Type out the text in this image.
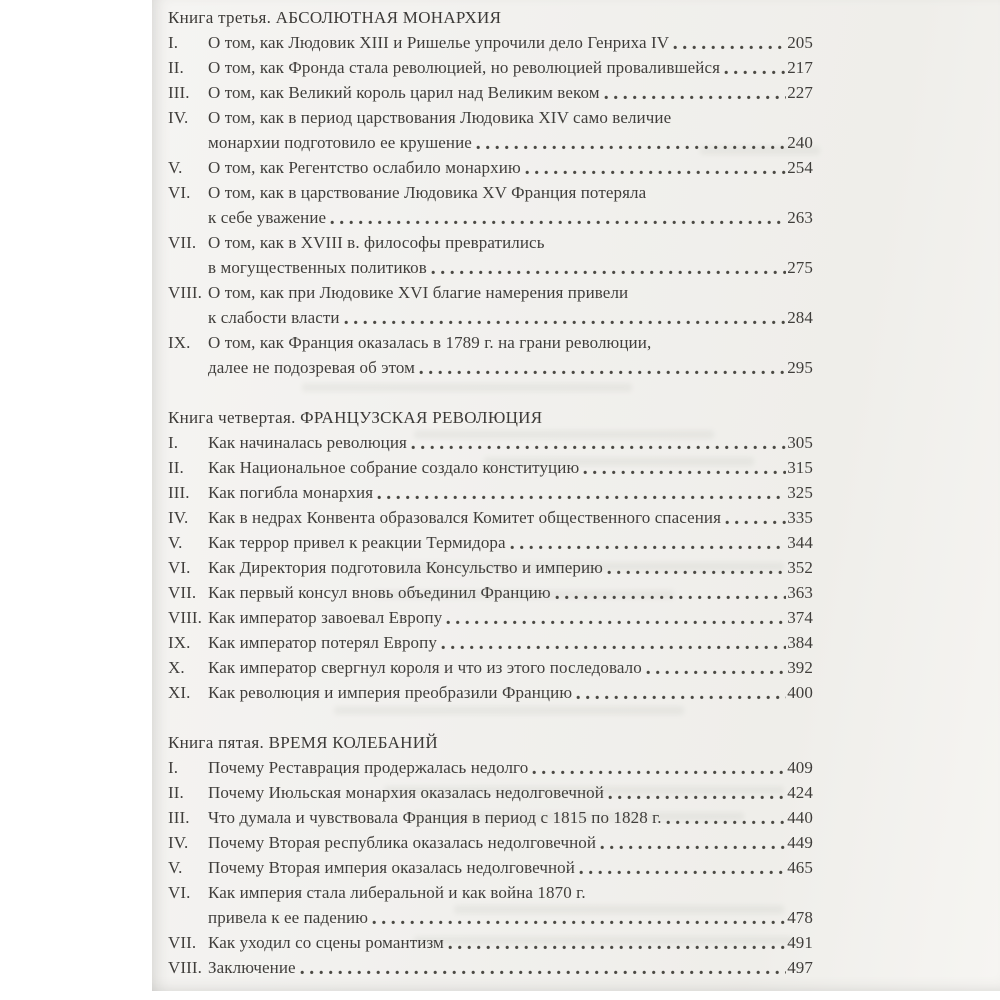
Книга третья. АБСОЛЮТНАЯ МОНАРХИЯ
I.	О том, как Людовик XIII и Ришелье упрочили дело Генриха IV	205
II.	О том, как Фронда стала революцией, но революцией провалившейся	217
III.	О том, как Великий король царил над Великим веком	227
IV.	О том, как в период царствования Людовика XIV само величие
монархии подготовило ее крушение	240
V.	О том, как Регентство ослабило монархию	254
VI.	О том, как в царствование Людовика XV Франция потеряла
к себе уважение	263
VII. О том, как в XVIII в. философы превратились
в могущественных политиков	275
VIII. О том, как при Людовике XVI благие намерения привели
к слабости власти	284
IX.	О том, как Франция оказалась в 1789 г. на грани революции,
далее не подозревая об этом	295
Книга четвертая. ФРАНЦУЗСКАЯ РЕВОЛЮЦИЯ
I.	Как начиналась революция	305
II.	Как Национальное собрание создало конституцию	315
III.	Как погибла монархия	325
IV.	Как в недрах Конвента образовался Комитет общественного спасения	335
V.	Как террор привел к реакции Термидора	344
VI.	Как Директория подготовила Консульство и империю	352
VII. Как первый консул вновь объединил Францию	363
VIII. Как император завоевал Европу	374
IX.	Как император потерял Европу	384
X.	Как император свергнул короля и что из этого последовало	392
XI.	Как революция и империя преобразили Францию	400
Книга пятая. ВРЕМЯ КОЛЕБАНИЙ
I.	Почему Реставрация продержалась недолго	409
II.	Почему Июльская монархия оказалась недолговечной	424
III.	Что думала и чувствовала Франция в период с 1815 по 1828 г.	440
IV.	Почему Вторая республика оказалась недолговечной	449
V.	Почему Вторая империя оказалась недолговечной	465
VI.	Как империя стала либеральной и как война 1870 г.
привела к ее падению	478
VII. Как уходил со сцены романтизм	491
VIII. Заключение	497
